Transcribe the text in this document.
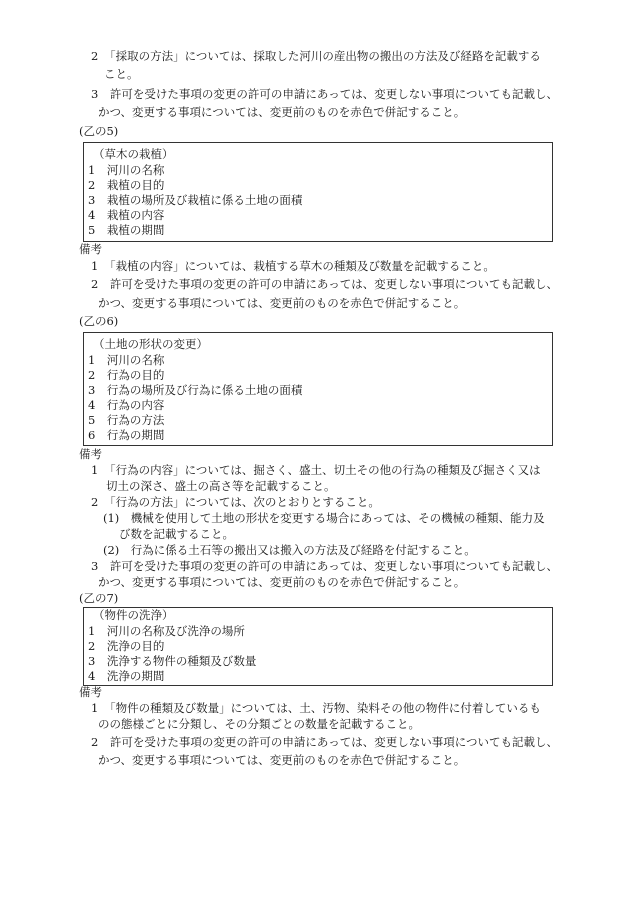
2　「採取の方法」については、採取した河川の産出物の搬出の方法及び経路を記載する
こと。
3　許可を受けた事項の変更の許可の申請にあっては、変更しない事項についても記載し、
かつ、変更する事項については、変更前のものを赤色で併記すること。
(乙の5)
（草木の栽植）
1　河川の名称
2　栽植の目的
3　栽植の場所及び栽植に係る土地の面積
4　栽植の内容
5　栽植の期間
備考
1　「栽植の内容」については、栽植する草木の種類及び数量を記載すること。
2　許可を受けた事項の変更の許可の申請にあっては、変更しない事項についても記載し、
かつ、変更する事項については、変更前のものを赤色で併記すること。
(乙の6)
（土地の形状の変更）
1　河川の名称
2　行為の目的
3　行為の場所及び行為に係る土地の面積
4　行為の内容
5　行為の方法
6　行為の期間
備考
1　「行為の内容」については、掘さく、盛土、切土その他の行為の種類及び掘さく又は
切土の深さ、盛土の高さ等を記載すること。
2　「行為の方法」については、次のとおりとすること。
(1)　機械を使用して土地の形状を変更する場合にあっては、その機械の種類、能力及
び数を記載すること。
(2)　行為に係る土石等の搬出又は搬入の方法及び経路を付記すること。
3　許可を受けた事項の変更の許可の申請にあっては、変更しない事項についても記載し、
かつ、変更する事項については、変更前のものを赤色で併記すること。
(乙の7)
（物件の洗浄）
1　河川の名称及び洗浄の場所
2　洗浄の目的
3　洗浄する物件の種類及び数量
4　洗浄の期間
備考
1　「物件の種類及び数量」については、土、汚物、染料その他の物件に付着しているも
のの態様ごとに分類し、その分類ごとの数量を記載すること。
2　許可を受けた事項の変更の許可の申請にあっては、変更しない事項についても記載し、
かつ、変更する事項については、変更前のものを赤色で併記すること。
